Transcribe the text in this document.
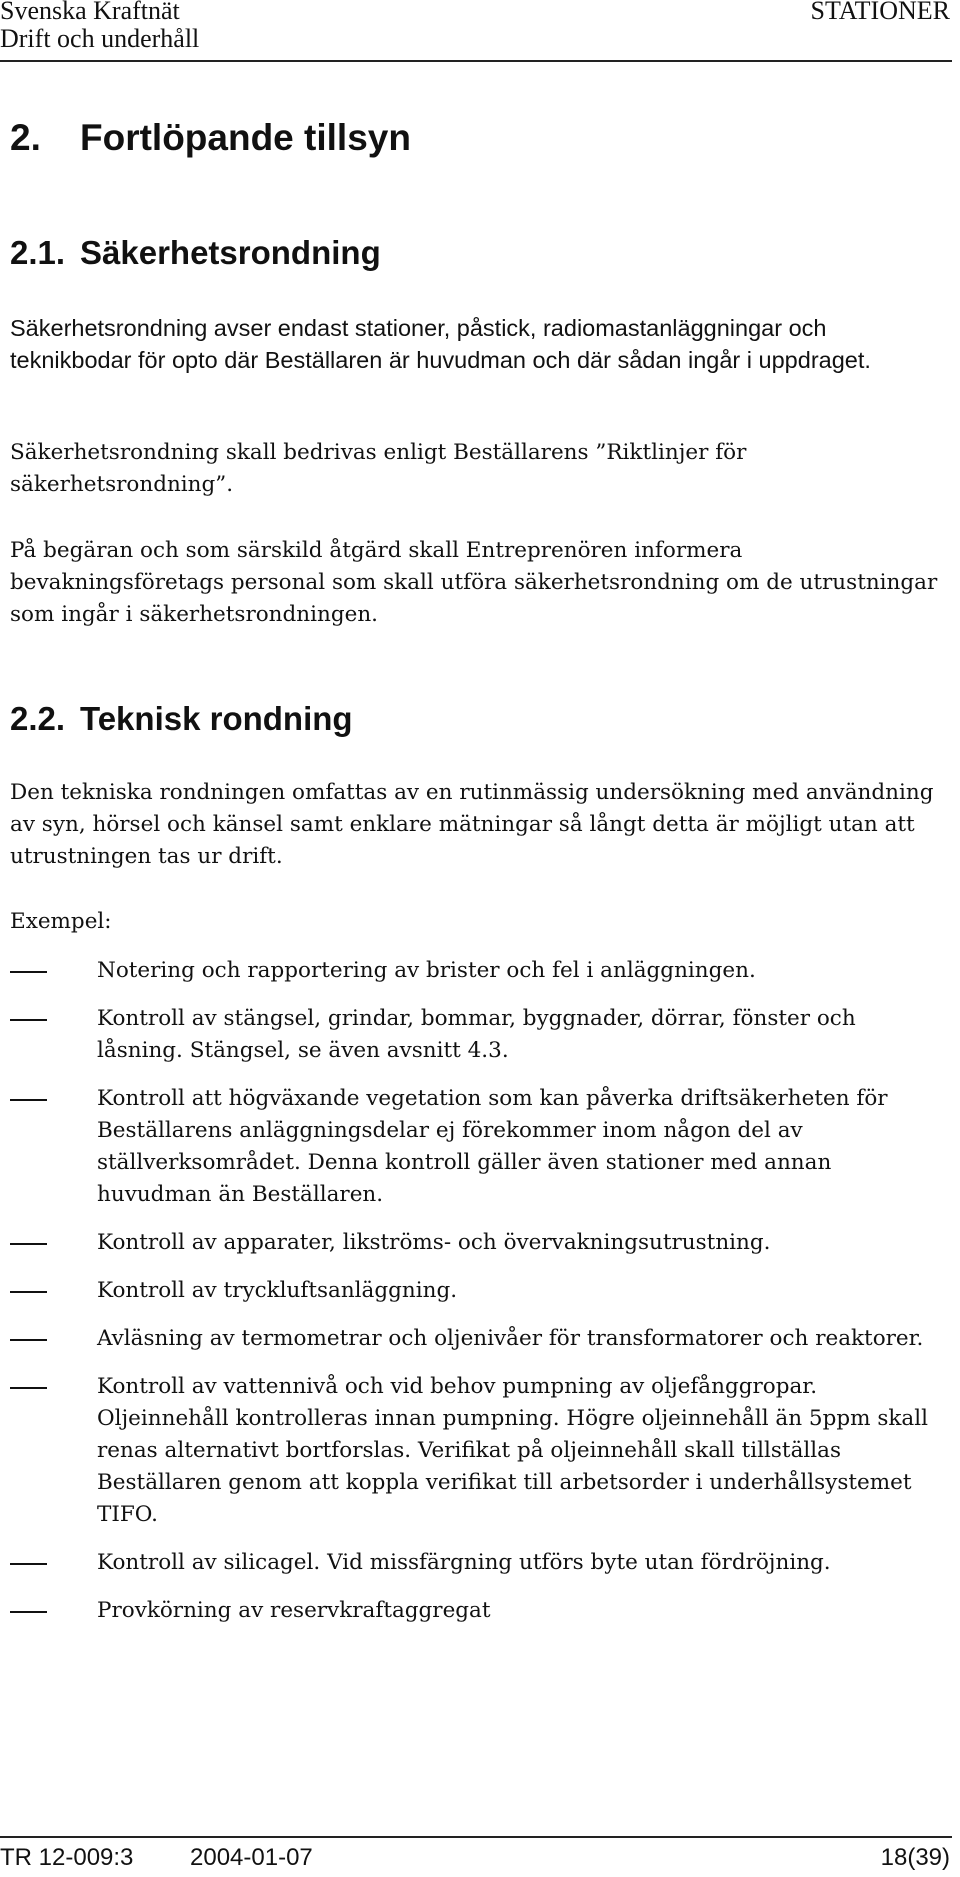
Svenska Kraftnät
Drift och underhåll
STATIONER
2. Fortlöpande tillsyn
2.1. Säkerhetsrondning
Säkerhetsrondning avser endast stationer, påstick, radiomastanläggningar och teknikbodar för opto där Beställaren är huvudman och där sådan ingår i uppdraget.
Säkerhetsrondning skall bedrivas enligt Beställarens ”Riktlinjer för säkerhetsrondning”.
På begäran och som särskild åtgärd skall Entreprenören informera bevakningsföretags personal som skall utföra säkerhetsrondning om de utrustningar som ingår i säkerhetsrondningen.
2.2. Teknisk rondning
Den tekniska rondningen omfattas av en rutinmässig undersökning med användning av syn, hörsel och känsel samt enklare mätningar så långt detta är möjligt utan att utrustningen tas ur drift.
Exempel:
Notering och rapportering av brister och fel i anläggningen.
Kontroll av stängsel, grindar, bommar, byggnader, dörrar, fönster och låsning. Stängsel, se även avsnitt 4.3.
Kontroll att högväxande vegetation som kan påverka driftsäkerheten för Beställarens anläggningsdelar ej förekommer inom någon del av ställverksområdet. Denna kontroll gäller även stationer med annan huvudman än Beställaren.
Kontroll av apparater, likströms- och övervakningsutrustning.
Kontroll av tryckluftsanläggning.
Avläsning av termometrar och oljenivåer för transformatorer och reaktorer.
Kontroll av vattennivå och vid behov pumpning av oljefånggropar. Oljeinnehåll kontrolleras innan pumpning. Högre oljeinnehåll än 5ppm skall renas alternativt bortforslas. Verifikat på oljeinnehåll skall tillställas Beställaren genom att koppla verifikat till arbetsorder i underhållsystemet TIFO.
Kontroll av silicagel. Vid missfärgning utförs byte utan fördröjning.
Provkörning av reservkraftaggregat
TR 12-009:3 2004-01-07	18(39)
